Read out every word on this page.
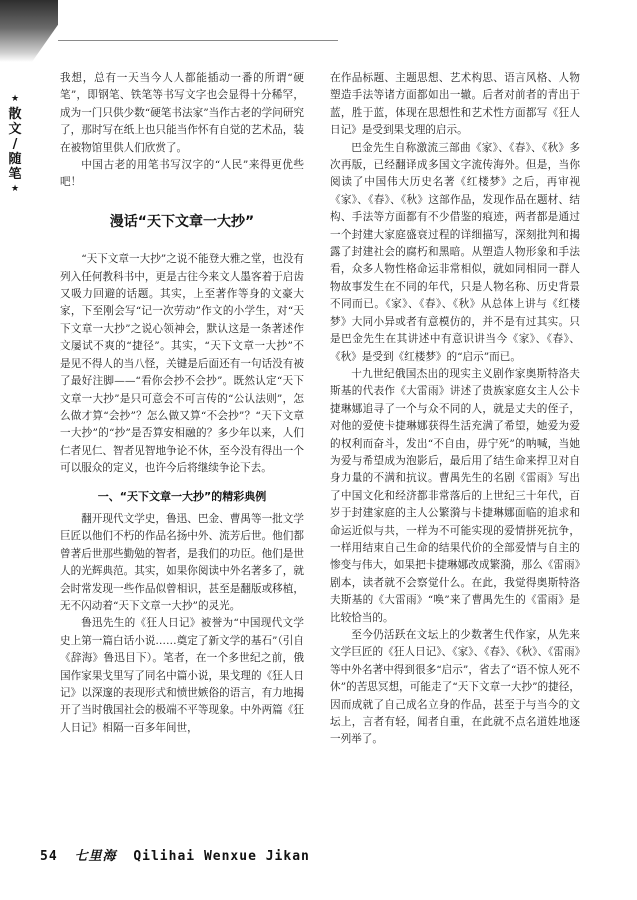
★
散
文
/
随
笔
★

我想，总有一天当今人人都能插动一番的所谓“硬笔”，即钢笔、铁笔等书写文字也会显得十分稀罕，成为一门只供少数“硬笔书法家”当作古老的学问研究了，那时写在纸上也只能当作怀有自觉的艺术品，装在被物馆里供人们欣赏了。

中国古老的用笔书写汉字的“人民”来得更优些吧！

漫话“天下文章一大抄”

“天下文章一大抄”之说不能登大雅之堂，也没有列入任何教科书中，更是古往今来文人墨客着于启齿又吸力回避的话题。其实，上至著作等身的文豪大家，下至刚会写“记一次劳动”作文的小学生，对“天下文章一大抄”之说心领神会，默认这是一条著述作文屡试不爽的“捷径”。其实，“天下文章一大抄”不是见不得人的当八怪，关键是后面还有一句话没有被了最好注脚——“看你会抄不会抄”。既然认定“天下文章一大抄”是只可意会不可言传的“公认法则”，怎么做才算“会抄”？怎么做又算“不会抄”？“天下文章一大抄”的“抄”是否算安相融的？多少年以来，人们仁者见仁、智者见智地争论不休，至今没有得出一个可以服众的定义，也许今后将继续争论下去。

一、“天下文章一大抄”的精彩典例

翻开现代文学史，鲁迅、巴金、曹禺等一批文学巨匠以他们不朽的作品名扬中外、流芳后世。他们都曾著后世那些勤勉的智者，是我们的功臣。他们是世人的光辉典范。其实，如果你阅读中外名著多了，就会时常发现一些作品似曾相识，甚至是翻版或移植，无不闪动着“天下文章一大抄”的灵光。

鲁迅先生的《狂人日记》被誉为“中国现代文学史上第一篇白话小说……奠定了新文学的基石”（引自《辞海》鲁迅目下）。笔者，在一个多世纪之前，俄国作家果戈里写了同名中篇小说，果戈理的《狂人日记》以深邃的表现形式和愤世嫉俗的语言，有力地揭开了当时俄国社会的极端不平等现象。中外两篇《狂人日记》相隔一百多年间世，

在作品标题、主题思想、艺术构思、语言风格、人物塑造手法等诸方面都如出一辙。后者对前者的青出于蓝，胜于蓝，体现在思想性和艺术性方面都写《狂人日记》是受到果戈理的启示。

巴金先生自称激流三部曲《家》、《春》、《秋》多次再版，已经翻译成多国文字流传海外。但是，当你阅读了中国伟大历史名著《红楼梦》之后，再审视《家》、《春》、《秋》这部作品，发现作品在题材、结构、手法等方面都有不少借鉴的痕迹，两者都是通过一个封建大家庭盛衰过程的详细描写，深刻批判和揭露了封建社会的腐朽和黑暗。从塑造人物形象和手法看，众多人物性格命运非常相似，就如同相同一群人物故事发生在不同的年代，只是人物名称、历史背景不同而已。《家》、《春》、《秋》从总体上讲与《红楼梦》大同小异或者有意模仿的，并不是有过其实。只是巴金先生在其讲述中有意识讲当今《家》、《春》、《秋》是受到《红楼梦》的“启示”而已。

十九世纪俄国杰出的现实主义剧作家奥斯特洛夫斯基的代表作《大雷雨》讲述了贵族家庭女主人公卡捷琳娜追寻了一个与众不同的人，就是丈夫的侄子，对他的爱使卡捷琳娜获得生活充满了希望，她爱为爱的权利而奋斗，发出“不自由，毋宁死”的呐喊，当她为爱与希望成为泡影后，最后用了结生命来捍卫对自身力量的不满和抗议。曹禺先生的名剧《雷雨》写出了中国文化和经济都非常落后的上世纪三十年代，百岁于封建家庭的主人公繁漪与卡捷琳娜面临的追求和命运近似与共，一样为不可能实现的爱情拼死抗争，一样用结束自己生命的结果代价的全部爱情与自主的惨变与伟大，如果把卡捷琳娜改成繁漪，那么《雷雨》剧本，读者就不会察觉什么。在此，我觉得奥斯特洛夫斯基的《大雷雨》“唤”来了曹禺先生的《雷雨》是比较恰当的。

至今仍活跃在文坛上的少数著生代作家，从先来文学巨匠的《狂人日记》、《家》、《春》、《秋》、《雷雨》等中外名著中得到很多“启示”，省去了“语不惊人死不休”的苦思冥想，可能走了“天下文章一大抄”的捷径，因而成就了自己成名立身的作品，甚至于与当今的文坛上，言者有轻，闻者自重，在此就不点名道姓地逐一列举了。

54 七里海 Qilihai Wenxue Jikan
